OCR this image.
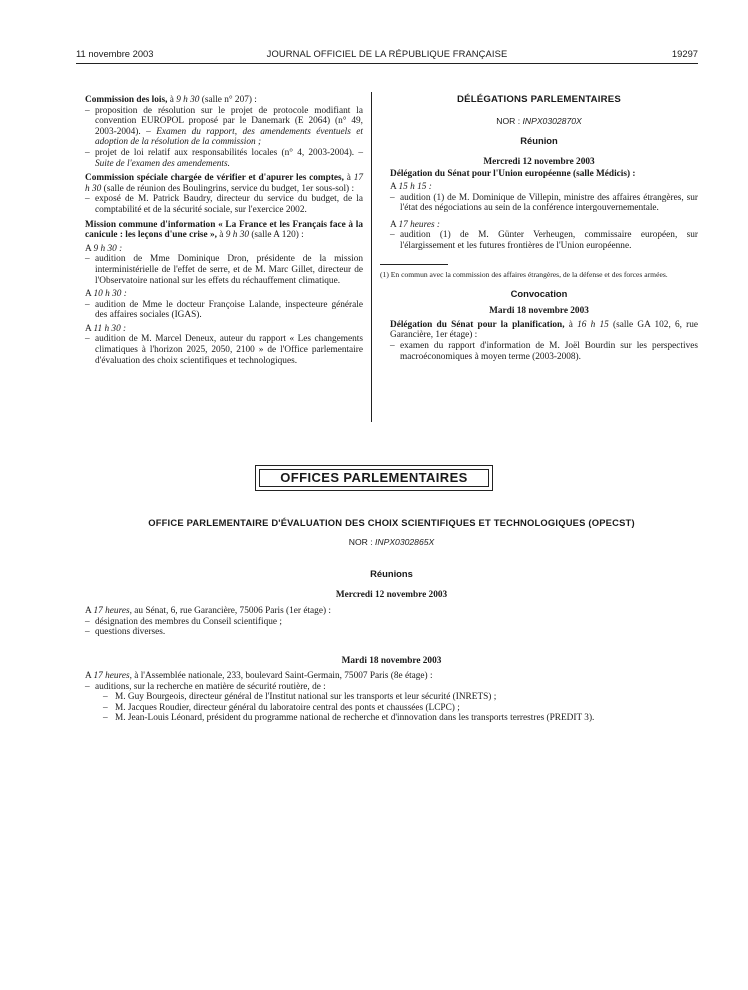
11 novembre 2003	JOURNAL OFFICIEL DE LA RÉPUBLIQUE FRANÇAISE	19297

Commission des lois, à 9 h 30 (salle n° 207) :

– proposition de résolution sur le projet de protocole modifiant la convention EUROPOL proposé par le Danemark (E 2064) (n° 49, 2003-2004). – Examen du rapport, des amendements éventuels et adoption de la résolution de la commission ;
– projet de loi relatif aux responsabilités locales (n° 4, 2003-2004). – Suite de l'examen des amendements.

Commission spéciale chargée de vérifier et d'apurer les comptes, à 17 h 30 (salle de réunion des Boulingrins, service du budget, 1er sous-sol) :

– exposé de M. Patrick Baudry, directeur du service du budget, de la comptabilité et de la sécurité sociale, sur l'exercice 2002.

Mission commune d'information « La France et les Français face à la canicule : les leçons d'une crise », à 9 h 30 (salle A 120) :

A 9 h 30 :

– audition de Mme Dominique Dron, présidente de la mission interministérielle de l'effet de serre, et de M. Marc Gillet, directeur de l'Observatoire national sur les effets du réchauffement climatique.

A 10 h 30 :

– audition de Mme le docteur Françoise Lalande, inspecteure générale des affaires sociales (IGAS).

A 11 h 30 :

– audition de M. Marcel Deneux, auteur du rapport « Les changements climatiques à l'horizon 2025, 2050, 2100 » de l'Office parlementaire d'évaluation des choix scientifiques et technologiques.
DÉLÉGATIONS PARLEMENTAIRES
NOR : INPX0302870X
Réunion
Mercredi 12 novembre 2003

Délégation du Sénat pour l'Union européenne (salle Médicis) :

A 15 h 15 :

– audition (1) de M. Dominique de Villepin, ministre des affaires étrangères, sur l'état des négociations au sein de la conférence intergouvernementale.

A 17 heures :

– audition (1) de M. Günter Verheugen, commissaire européen, sur l'élargissement et les futures frontières de l'Union européenne.
(1) En commun avec la commission des affaires étrangères, de la défense et des forces armées.
Convocation
Mardi 18 novembre 2003

Délégation du Sénat pour la planification, à 16 h 15 (salle GA 102, 6, rue Garancière, 1er étage) :

– examen du rapport d'information de M. Joël Bourdin sur les perspectives macroéconomiques à moyen terme (2003-2008).
OFFICES PARLEMENTAIRES
OFFICE PARLEMENTAIRE D'ÉVALUATION DES CHOIX SCIENTIFIQUES ET TECHNOLOGIQUES (OPECST)
NOR : INPX0302865X
Réunions
Mercredi 12 novembre 2003

A 17 heures, au Sénat, 6, rue Garancière, 75006 Paris (1er étage) :

– désignation des membres du Conseil scientifique ;
– questions diverses.
Mardi 18 novembre 2003

A 17 heures, à l'Assemblée nationale, 233, boulevard Saint-Germain, 75007 Paris (8e étage) :

– auditions, sur la recherche en matière de sécurité routière, de :
– M. Guy Bourgeois, directeur général de l'Institut national sur les transports et leur sécurité (INRETS) ;
– M. Jacques Roudier, directeur général du laboratoire central des ponts et chaussées (LCPC) ;
– M. Jean-Louis Léonard, président du programme national de recherche et d'innovation dans les transports terrestres (PREDIT 3).
